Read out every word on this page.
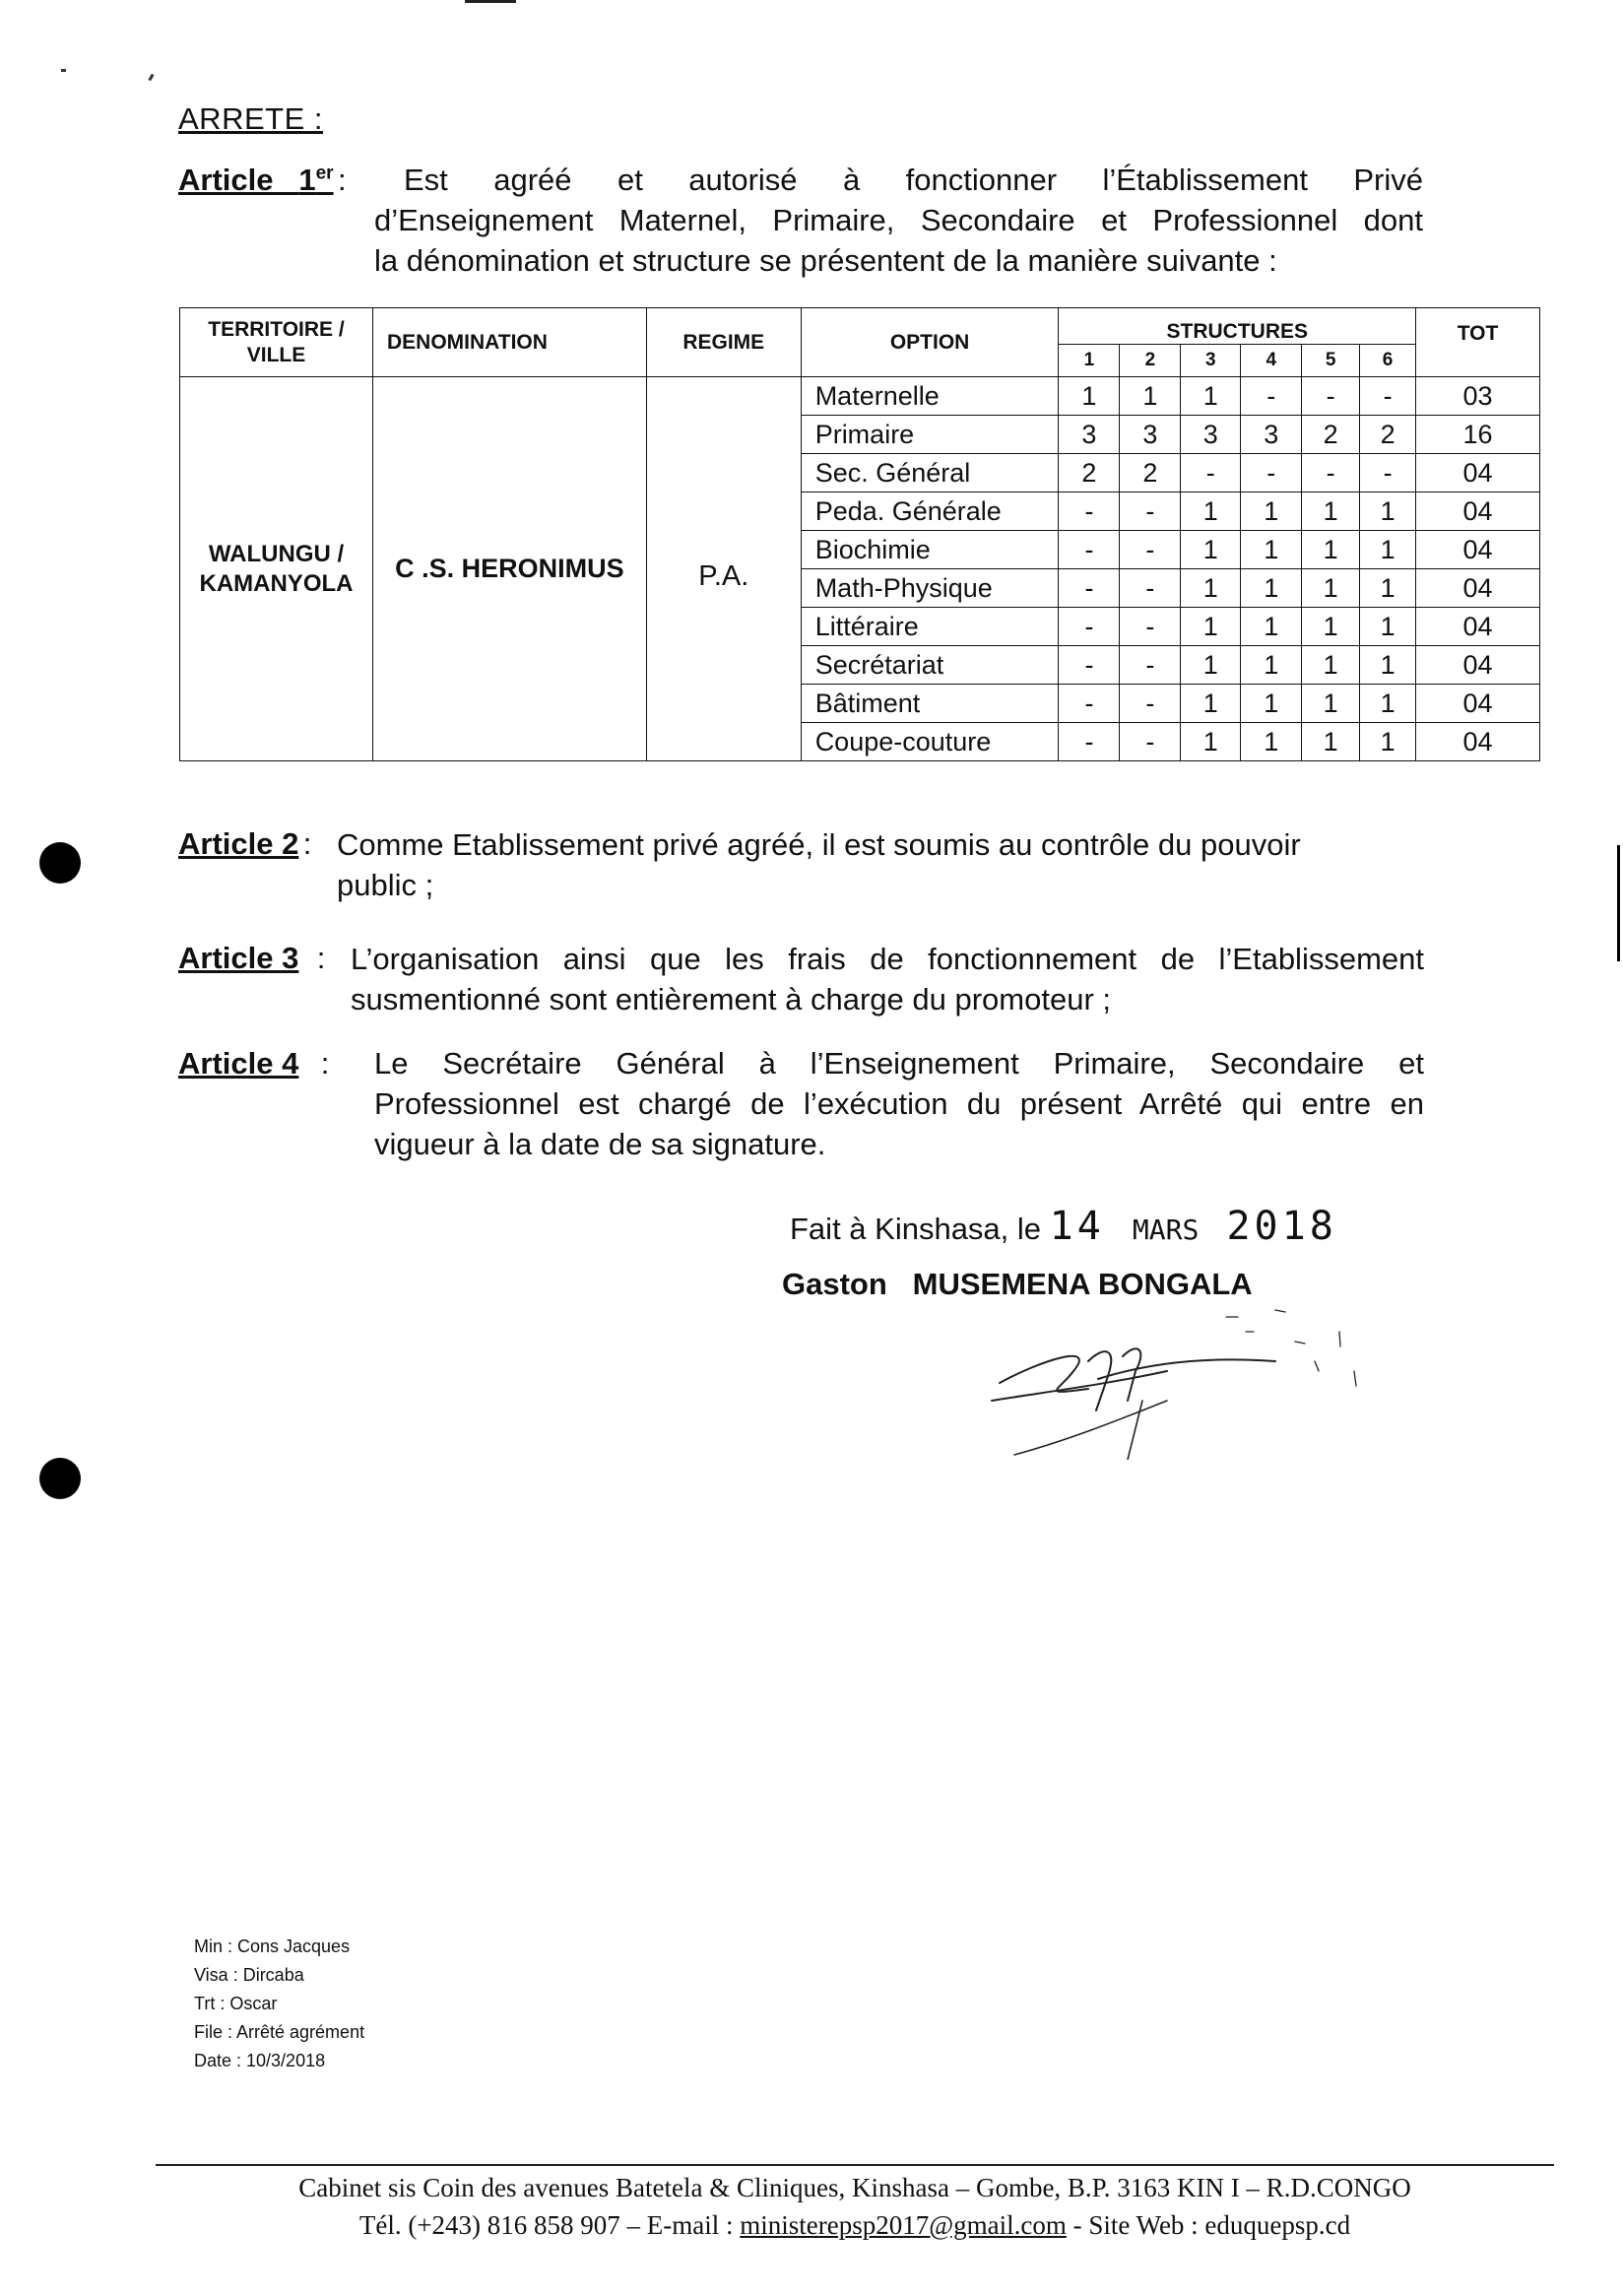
ARRETE :
Article 1er : Est agréé et autorisé à fonctionner l’Établissement Privé
d’Enseignement Maternel, Primaire, Secondaire et Professionnel dont
la dénomination et structure se présentent de la manière suivante :
TERRITOIRE / VILLE	DENOMINATION	REGIME	OPTION	STRUCTURES						TOT
				1	2	3	4	5	6	
WALUNGU / KAMANYOLA	C .S. HERONIMUS	P.A.	Maternelle	1	1	1	-	-	-	03
			Primaire	3	3	3	3	2	2	16
			Sec. Général	2	2	-	-	-	-	04
			Peda. Générale	-	-	1	1	1	1	04
			Biochimie	-	-	1	1	1	1	04
			Math-Physique	-	-	1	1	1	1	04
			Littéraire	-	-	1	1	1	1	04
			Secrétariat	-	-	1	1	1	1	04
			Bâtiment	-	-	1	1	1	1	04
			Coupe-couture	-	-	1	1	1	1	04
Article 2 : Comme Etablissement privé agréé, il est soumis au contrôle du pouvoir
public ;
Article 3 : L’organisation ainsi que les frais de fonctionnement de l’Etablissement
susmentionné sont entièrement à charge du promoteur ;
Article 4 : Le Secrétaire Général à l’Enseignement Primaire, Secondaire et
Professionnel est chargé de l’exécution du présent Arrêté qui entre en
vigueur à la date de sa signature.
Fait à Kinshasa, le 14 MARS 2018
Gaston MUSEMENA BONGALA
Min : Cons Jacques
Visa : Dircaba
Trt : Oscar
File : Arrêté agrément
Date : 10/3/2018
Cabinet sis Coin des avenues Batetela & Cliniques, Kinshasa – Gombe, B.P. 3163 KIN I – R.D.CONGO
Tél. (+243) 816 858 907 – E-mail : ministerepsp2017@gmail.com - Site Web : eduquepsp.cd
